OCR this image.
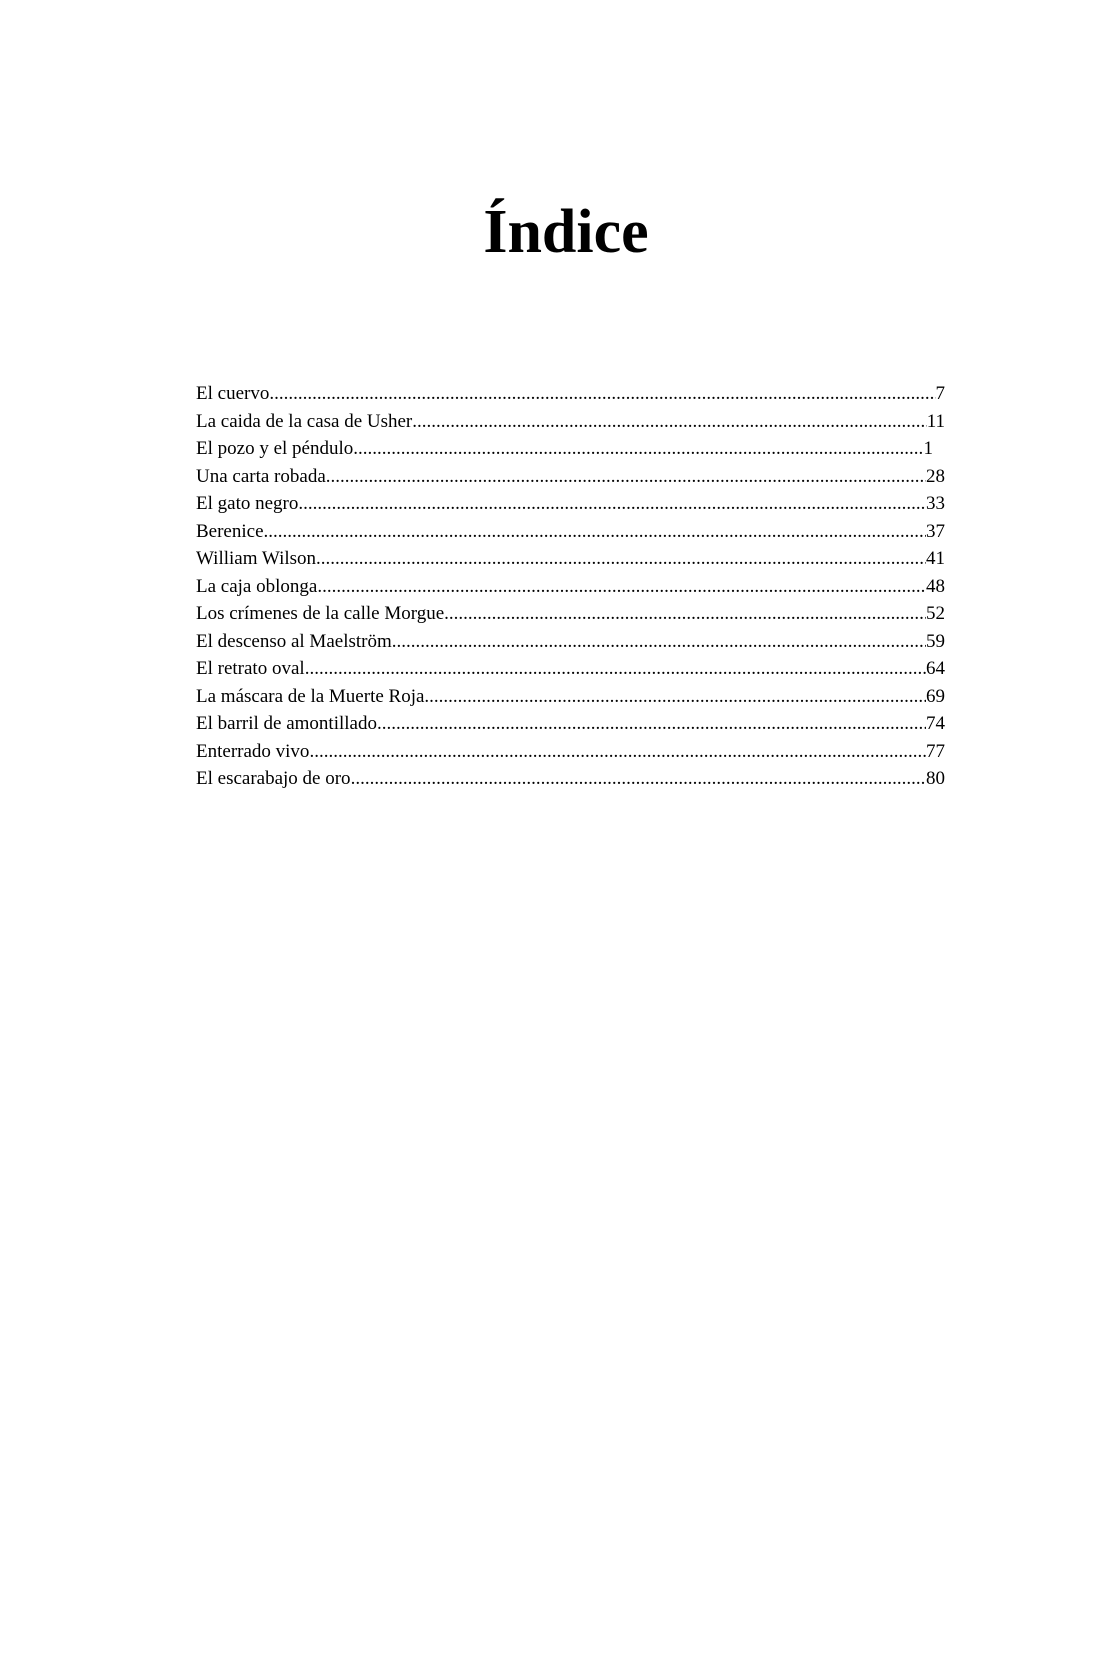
Índice
El cuervo .....	7
La caida de la casa de Usher .....	11
El pozo y el péndulo .....	1
Una carta robada .....	28
El gato negro .....	33
Berenice .....	37
William Wilson .....	41
La caja oblonga .....	48
Los crímenes de la calle Morgue .....	52
El descenso al Maelström .....	59
El retrato oval .....	64
La máscara de la Muerte Roja .....	69
El barril de amontillado .....	74
Enterrado vivo .....	77
El escarabajo de oro .....	80
